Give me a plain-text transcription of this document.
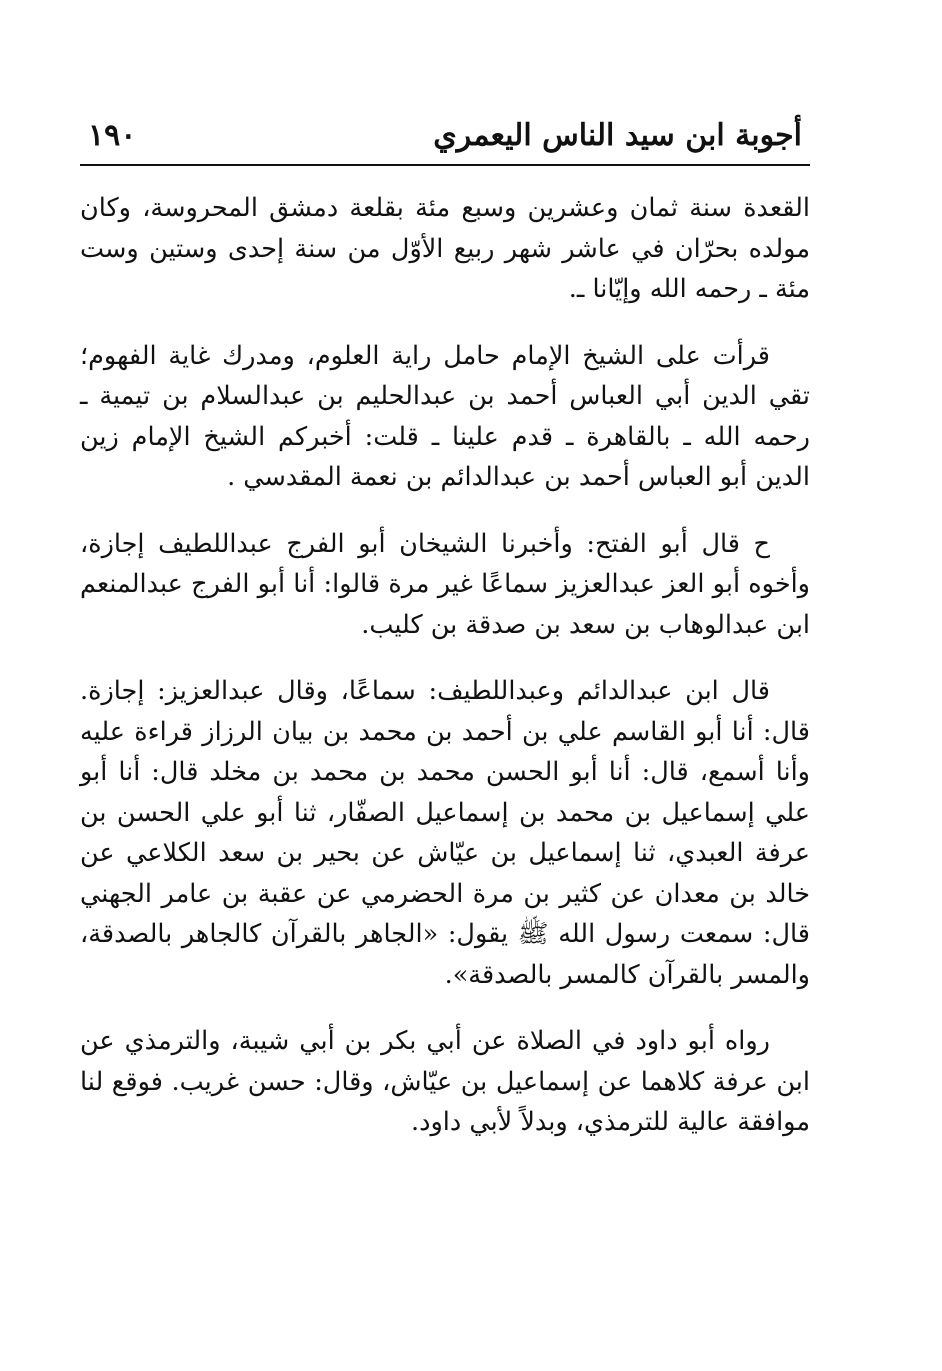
أجوبة ابن سيد الناس اليعمري
١٩٠

القعدة سنة ثمان وعشرين وسبع مئة بقلعة دمشق المحروسة، وكان مولده بحرّان في عاشر شهر ربيع الأوّل من سنة إحدى وستين وست مئة ـ رحمه الله وإيّانا ـ.

قرأت على الشيخ الإمام حامل راية العلوم، ومدرك غاية الفهوم؛ تقي الدين أبي العباس أحمد بن عبدالحليم بن عبدالسلام بن تيمية ـ رحمه الله ـ بالقاهرة ـ قدم علينا ـ قلت: أخبركم الشيخ الإمام زين الدين أبو العباس أحمد بن عبدالدائم بن نعمة المقدسي .

ح قال أبو الفتح: وأخبرنا الشيخان أبو الفرج عبداللطيف إجازة، وأخوه أبو العز عبدالعزيز سماعًا غير مرة قالوا: أنا أبو الفرج عبدالمنعم ابن عبدالوهاب بن سعد بن صدقة بن كليب.

قال ابن عبدالدائم وعبداللطيف: سماعًا، وقال عبدالعزيز: إجازة. قال: أنا أبو القاسم علي بن أحمد بن محمد بن بيان الرزاز قراءة عليه وأنا أسمع، قال: أنا أبو الحسن محمد بن محمد بن مخلد قال: أنا أبو علي إسماعيل بن محمد بن إسماعيل الصفّار، ثنا أبو علي الحسن بن عرفة العبدي، ثنا إسماعيل بن عيّاش عن بحير بن سعد الكلاعي عن خالد بن معدان عن كثير بن مرة الحضرمي عن عقبة بن عامر الجهني قال: سمعت رسول الله ﷺ يقول: «الجاهر بالقرآن كالجاهر بالصدقة، والمسر بالقرآن كالمسر بالصدقة».

رواه أبو داود في الصلاة عن أبي بكر بن أبي شيبة، والترمذي عن ابن عرفة كلاهما عن إسماعيل بن عيّاش، وقال: حسن غريب. فوقع لنا موافقة عالية للترمذي، وبدلاً لأبي داود.
